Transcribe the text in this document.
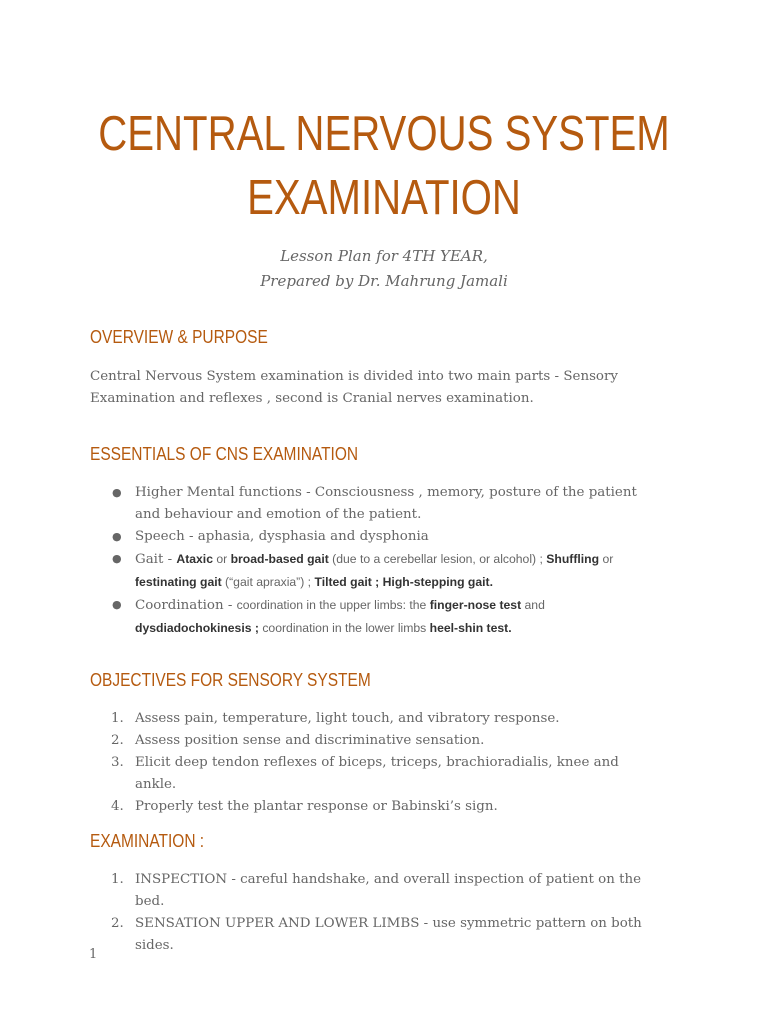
CENTRAL NERVOUS SYSTEM
EXAMINATION
Lesson Plan for 4TH YEAR,
Prepared by Dr. Mahrung Jamali
OVERVIEW & PURPOSE
Central Nervous System examination is divided into two main parts - Sensory Examination and reflexes , second is Cranial nerves examination.
ESSENTIALS OF CNS EXAMINATION
● Higher Mental functions - Consciousness , memory, posture of the patient and behaviour and emotion of the patient.
● Speech - aphasia, dysphasia and dysphonia
● Gait - Ataxic or broad-based gait (due to a cerebellar lesion, or alcohol) ; Shuffling or festinating gait (“gait apraxia”) ; Tilted gait ; High-stepping gait.
● Coordination - coordination in the upper limbs: the finger-nose test and dysdiadochokinesis ; coordination in the lower limbs heel-shin test.
OBJECTIVES FOR SENSORY SYSTEM
1. Assess pain, temperature, light touch, and vibratory response.
2. Assess position sense and discriminative sensation.
3. Elicit deep tendon reflexes of biceps, triceps, brachioradialis, knee and ankle.
4. Properly test the plantar response or Babinski’s sign.
EXAMINATION :
1. INSPECTION - careful handshake, and overall inspection of patient on the bed.
2. SENSATION UPPER AND LOWER LIMBS - use symmetric pattern on both sides.
1
